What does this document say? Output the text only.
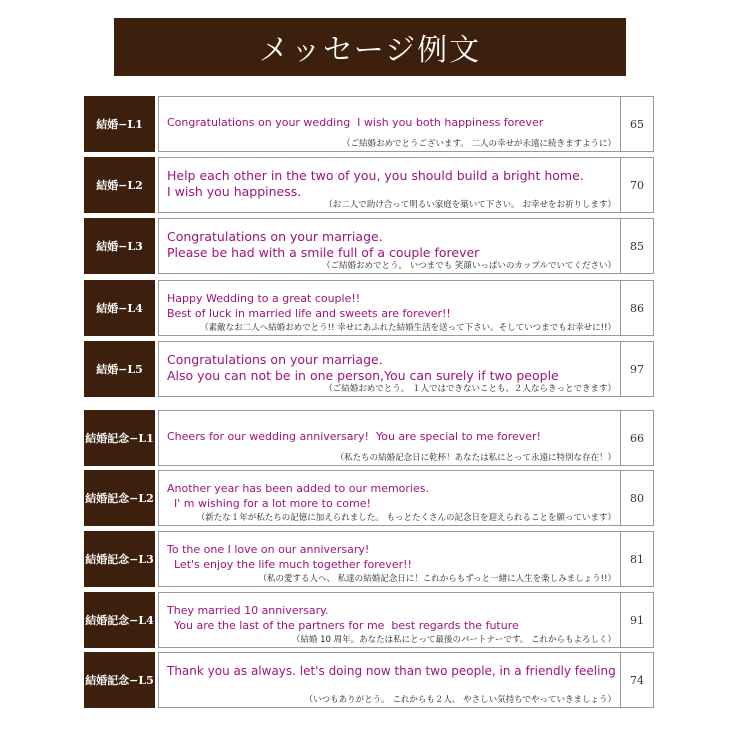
メッセージ例文
結婚−L1	Congratulations on your wedding  I wish you both happiness forever
（ご結婚おめでとうございます。 二人の幸せが永遠に続きますように）
65
結婚−L2
Help each other in the two of you, you should build a bright home.
I wish you happiness.
（お二人で助け合って明るい家庭を築いて下さい。 お幸せをお祈りします）
70
結婚−L3
Congratulations on your marriage.
Please be had with a smile full of a couple forever
（ご結婚おめでとう。 いつまでも 笑顔いっぱいのカップルでいてください）
85
結婚−L4
Happy Wedding to a great couple!!
Best of luck in married life and sweets are forever!!
（素敵なお二人へ結婚おめでとう!! 幸せにあふれた結婚生活を送って下さい。そしていつまでもお幸せに!!）
86
結婚−L5
Congratulations on your marriage.
Also you can not be in one person,You can surely if two people
（ご結婚おめでとう。 １人ではできないことも、２人ならきっとできます）
97
結婚記念−L1 Cheers for our wedding anniversary!  You are special to me forever!
（私たちの結婚記念日に乾杯！あなたは私にとって永遠に特別な存在！）
66
結婚記念−L2
Another year has been added to our memories.
I' m wishing for a lot more to come!
（新たな１年が私たちの記憶に加えられました。 もっとたくさんの記念日を迎えられることを願っています）
80
結婚記念−L3
To the one I love on our anniversary!
Let's enjoy the life much together forever!!
（私の愛する人へ、 私達の結婚記念日に！これからもずっと一緒に人生を楽しみましょう!!）
81
結婚記念−L4
They married 10 anniversary.
You are the last of the partners for me  best regards the future
（結婚 10 周年。あなたは私にとって最後のパートナーです。 これからもよろしく）
91
結婚記念−L5
Thank you as always. let's doing now than two people, in a friendly feeling
（いつもありがとう。 これからも２人、 やさしい気持ちでやっていきましょう）
74
